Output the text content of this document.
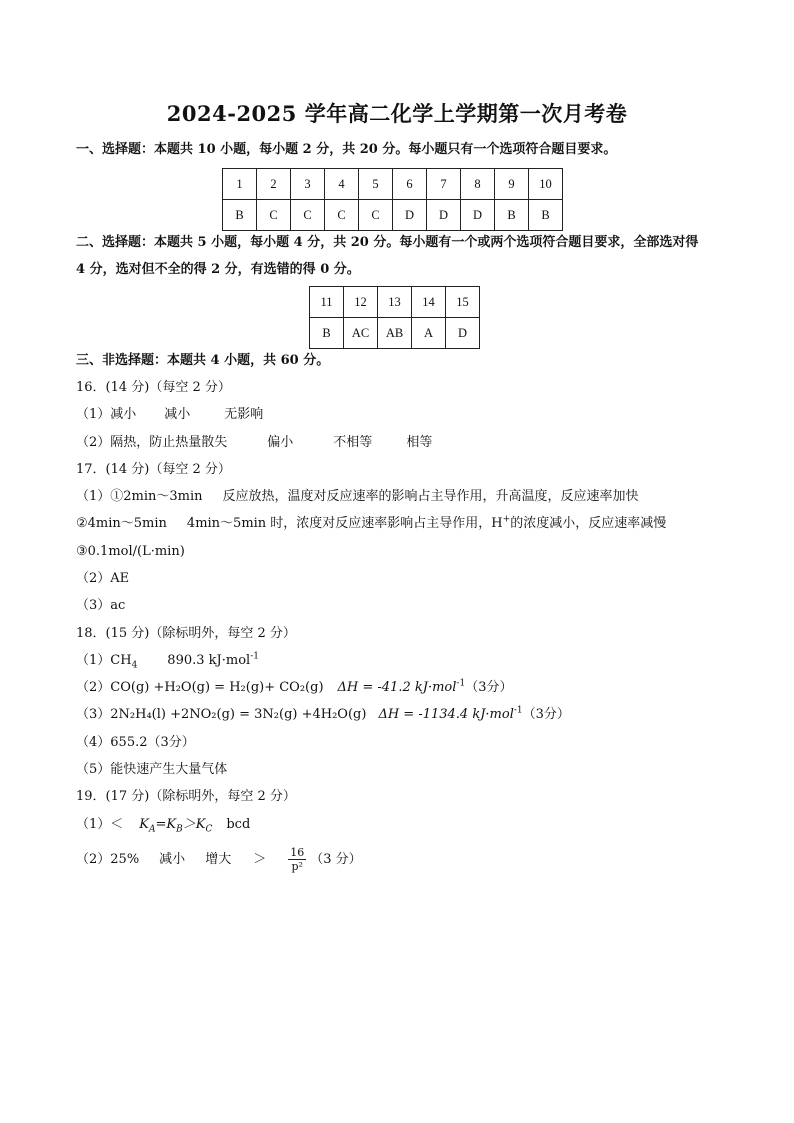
2024-2025 学年高二化学上学期第一次月考卷
一、选择题：本题共 10 小题，每小题 2 分，共 20 分。每小题只有一个选项符合题目要求。
1	2	3	4	5	6	7	8	9	10
B	C	C	C	C	D	D	D	B	B
二、选择题：本题共 5 小题，每小题 4 分，共 20 分。每小题有一个或两个选项符合题目要求，全部选对得
4 分，选对但不全的得 2 分，有选错的得 0 分。
11	12	13	14	15
B	AC	AB	A	D
三、非选择题：本题共 4 小题，共 60 分。
16．(14 分)（每空 2 分）
（1）减小 减小	无影响
（2）隔热，防止热量散失	偏小	不相等	相等
17．(14 分)（每空 2 分）
（1）①2min～3min 反应放热，温度对反应速率的影响占主导作用，升高温度，反应速率加快
②4min～5min 4min～5min 时，浓度对反应速率影响占主导作用，H+的浓度减小，反应速率减慢
③0.1mol/(L·min)
（2）AE
（3）ac
18．(15 分)（除标明外，每空 2 分）
$(1)CH_4$ 890.3 kJ·mol$^{-1}$
（2）CO(g) +H₂O(g) = H₂(g)+ CO₂(g) ΔH = -41.2 kJ·mol$^{-1}$（3分）
（3）2N₂H₄(l) +2NO₂(g) = 3N₂(g) +4H₂O(g) ΔH = -1134.4 kJ·mol$^{-1}$（3分）
（4）655.2（3分）
（5）能快速产生大量气体
19．(17 分)（除标明外，每空 2 分）
$(1)< K_A=K_B>K_C$ bcd
（2）25% 减小 增大 ＞ $\frac{16}{\text{p²}} (3$ 分）
